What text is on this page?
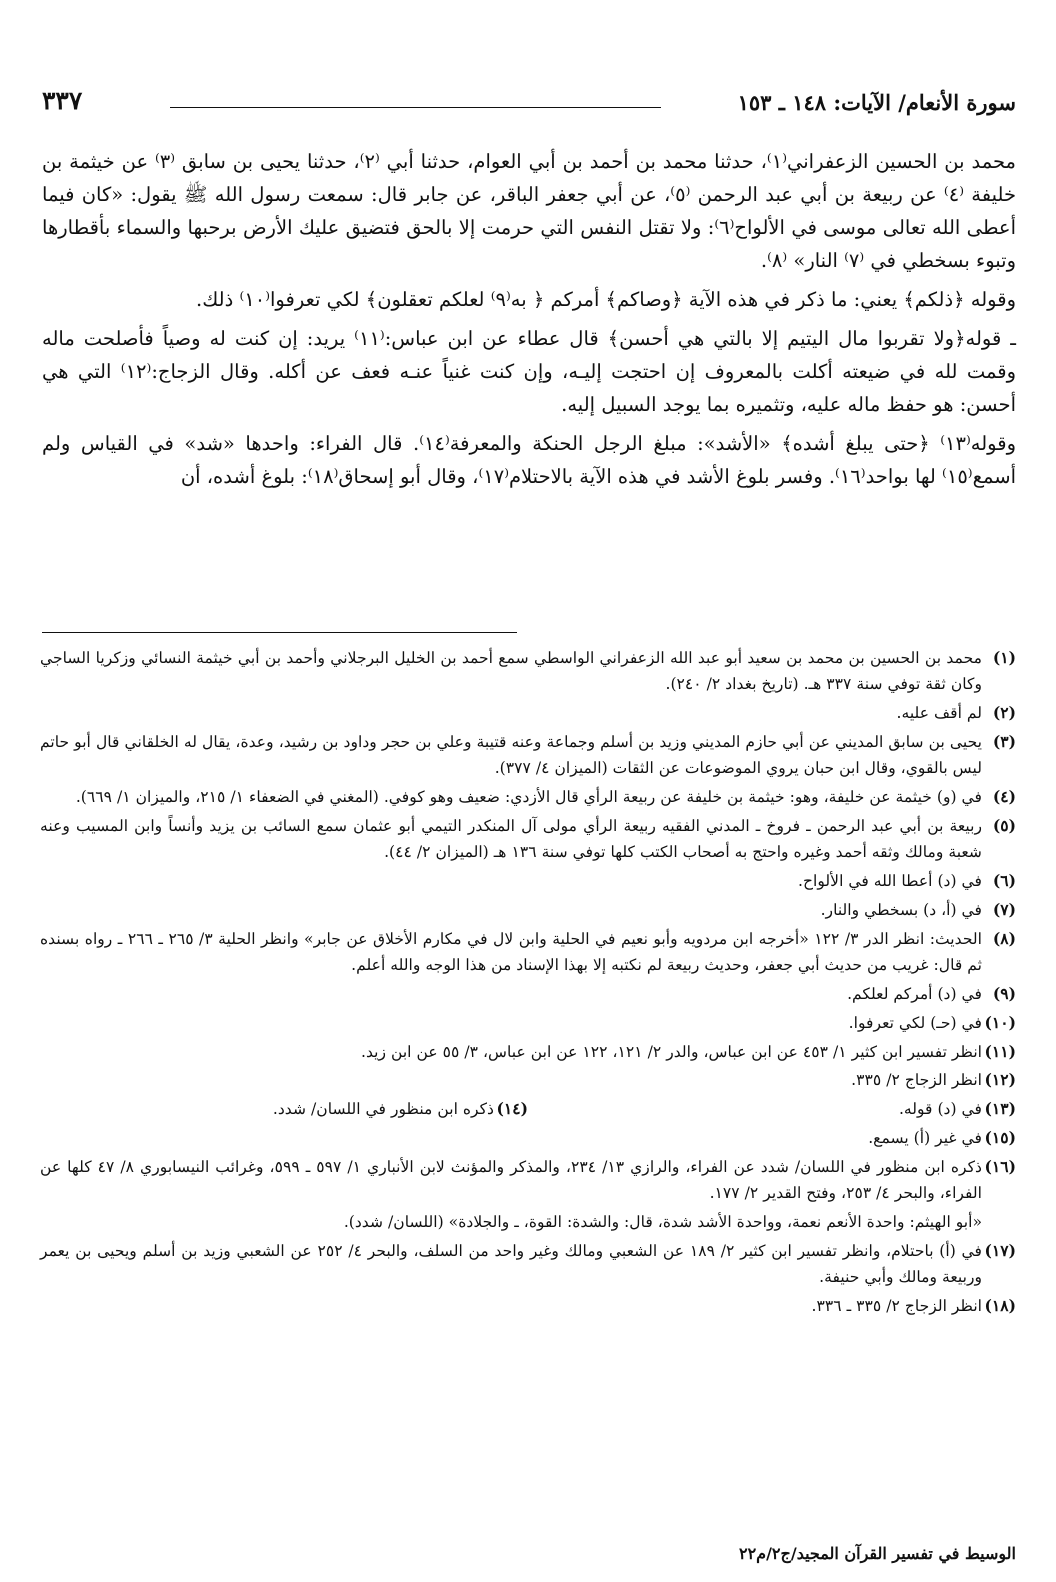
سورة الأنعام/ الآيات: ١٤٨ ـ ١٥٣
٣٣٧

محمد بن الحسين الزعفراني⁽١⁾، حدثنا محمد بن أحمد بن أبي العوام، حدثنا أبي ⁽٢⁾، حدثنا يحيى بن سابق ⁽٣⁾ عن خيثمة بن خليفة ⁽٤⁾ عن ربيعة بن أبي عبد الرحمن ⁽٥⁾، عن أبي جعفر الباقر، عن جابر قال: سمعت رسول الله ﷺ يقول: «كان فيما أعطى الله تعالى موسى في الألواح⁽٦⁾: ولا تقتل النفس التي حرمت إلا بالحق فتضيق عليك الأرض برحبها والسماء بأقطارها وتبوء بسخطي في ⁽٧⁾ النار» ⁽٨⁾.

وقوله ﴿ذلكم﴾ يعني: ما ذكر في هذه الآية ﴿وصاكم﴾ أمركم ﴿ به⁽٩⁾ لعلكم تعقلون﴾ لكي تعرفوا⁽١٠⁾ ذلك.

ـ قوله﴿ولا تقربوا مال اليتيم إلا بالتي هي أحسن﴾ قال عطاء عن ابن عباس:⁽١١⁾ يريد: إن كنت له وصياً فأصلحت ماله وقمت لله في ضيعته أكلت بالمعروف إن احتجت إليـه، وإن كنت غنياً عنـه فعف عن أكله. وقال الزجاج:⁽١٢⁾ التي هي أحسن: هو حفظ ماله عليه، وتثميره بما يوجد السبيل إليه.

وقوله⁽١٣⁾ ﴿حتى يبلغ أشده﴾ «الأشد»: مبلغ الرجل الحنكة والمعرفة⁽١٤⁾. قال الفراء: واحدها «شد» في القياس ولم أسمع⁽١٥⁾ لها بواحد⁽١٦⁾. وفسر بلوغ الأشد في هذه الآية بالاحتلام⁽١٧⁾، وقال أبو إسحاق⁽١٨⁾: بلوغ أشده، أن

(١)
محمد بن الحسين بن محمد بن سعيد أبو عبد الله الزعفراني الواسطي سمع أحمد بن الخليل البرجلاني وأحمد بن أبي خيثمة النسائي وزكريا الساجي وكان ثقة توفي سنة ٣٣٧ هـ. (تاريخ بغداد ٢/ ٢٤٠).
(٢)
لم أقف عليه.
(٣)
يحيى بن سابق المديني عن أبي حازم المديني وزيد بن أسلم وجماعة وعنه قتيبة وعلي بن حجر وداود بن رشيد، وعدة، يقال له الخلقاني قال أبو حاتم ليس بالقوي، وقال ابن حبان يروي الموضوعات عن الثقات (الميزان ٤/ ٣٧٧).
(٤)
في (و) خيثمة عن خليفة، وهو: خيثمة بن خليفة عن ربيعة الرأي قال الأزدي: ضعيف وهو كوفي. (المغني في الضعفاء ١/ ٢١٥، والميزان ١/ ٦٦٩).
(٥)
ربيعة بن أبي عبد الرحمن ـ فروخ ـ المدني الفقيه ربيعة الرأي مولى آل المنكدر التيمي أبو عثمان سمع السائب بن يزيد وأنساً وابن المسيب وعنه شعبة ومالك وثقه أحمد وغيره واحتج به أصحاب الكتب كلها توفي سنة ١٣٦ هـ (الميزان ٢/ ٤٤).
(٦)
في (د) أعطا الله في الألواح.
(٧)
في (أ، د) بسخطي والنار.
(٨)
الحديث: انظر الدر ٣/ ١٢٢ «أخرجه ابن مردويه وأبو نعيم في الحلية وابن لال في مكارم الأخلاق عن جابر» وانظر الحلية ٣/ ٢٦٥ ـ ٢٦٦ ـ رواه بسنده ثم قال: غريب من حديث أبي جعفر، وحديث ربيعة لم نكتبه إلا بهذا الإسناد من هذا الوجه والله أعلم.
(٩)
في (د) أمركم لعلكم.
(١٠)
في (حـ) لكي تعرفوا.
(١١)
انظر تفسير ابن كثير ١/ ٤٥٣ عن ابن عباس، والدر ٢/ ١٢١، ١٢٢ عن ابن عباس، ٣/ ٥٥ عن ابن زيد.
(١٢)
انظر الزجاج ٢/ ٣٣٥.
(١٣)
في (د) قوله.
(١٤)
ذكره ابن منظور في اللسان/ شدد.
(١٥)
في غير (أ) يسمع.
(١٦)
ذكره ابن منظور في اللسان/ شدد عن الفراء، والرازي ١٣/ ٢٣٤، والمذكر والمؤنث لابن الأنباري ١/ ٥٩٧ ـ ٥٩٩، وغرائب النيسابوري ٨/ ٤٧ كلها عن الفراء، والبحر ٤/ ٢٥٣، وفتح القدير ٢/ ١٧٧.
«أبو الهيثم: واحدة الأنعم نعمة، وواحدة الأشد شدة، قال: والشدة: القوة، ـ والجلادة» (اللسان/ شدد).
(١٧)
في (أ) باحتلام، وانظر تفسير ابن كثير ٢/ ١٨٩ عن الشعبي ومالك وغير واحد من السلف، والبحر ٤/ ٢٥٢ عن الشعبي وزيد بن أسلم ويحيى بن يعمر وربيعة ومالك وأبي حنيفة.
(١٨)
انظر الزجاج ٢/ ٣٣٥ ـ ٣٣٦.
الوسيط في تفسير القرآن المجيد/ج٢/م٢٢
